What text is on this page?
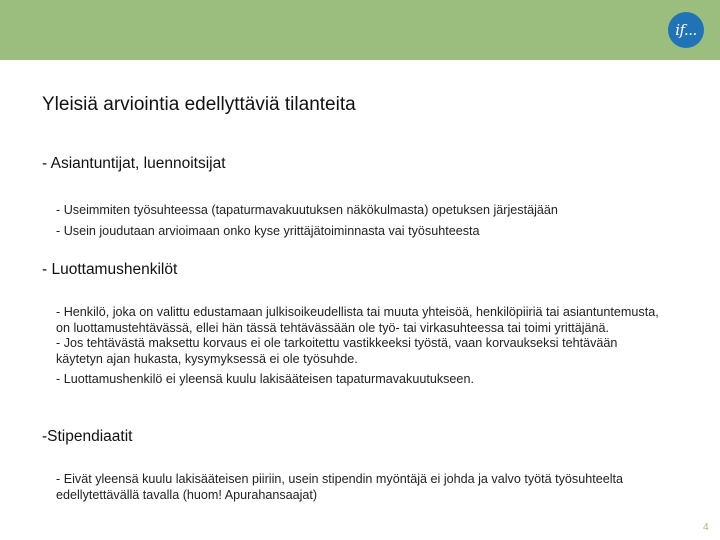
if...
Yleisiä arviointia edellyttäviä tilanteita
- Asiantuntijat, luennoitsijat
- Useimmiten työsuhteessa (tapaturmavakuutuksen näkökulmasta) opetuksen järjestäjään
- Usein joudutaan arvioimaan onko kyse yrittäjätoiminnasta vai työsuhteesta
- Luottamushenkilöt
- Henkilö, joka on valittu edustamaan julkisoikeudellista tai muuta yhteisöä, henkilöpiiriä tai asiantuntemusta, on luottamustehtävässä, ellei hän tässä tehtävässään ole työ- tai virkasuhteessa tai toimi yrittäjänä.
- Jos tehtävästä maksettu korvaus ei ole tarkoitettu vastikkeeksi työstä, vaan korvaukseksi tehtävään käytetyn ajan hukasta, kysymyksessä ei ole työsuhde.
- Luottamushenkilö ei yleensä kuulu lakisääteisen tapaturmavakuutukseen.
-Stipendiaatit
- Eivät yleensä kuulu lakisääteisen piiriin, usein stipendin myöntäjä ei johda ja valvo työtä työsuhteelta edellytettävällä tavalla (huom! Apurahansaajat)
4
